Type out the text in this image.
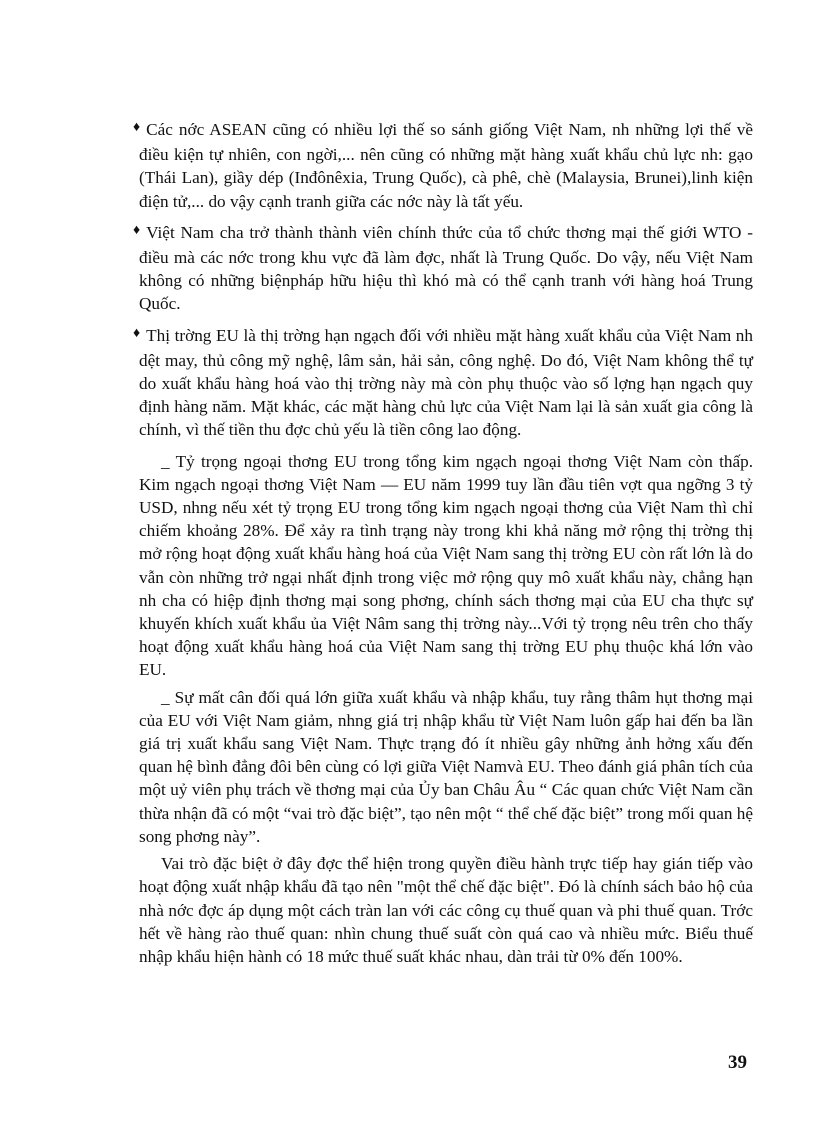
♦ Các nớc ASEAN cũng có nhiều lợi thế so sánh giống Việt Nam, nh những lợi thế về điều kiện tự nhiên, con ngời,... nên cũng có những mặt hàng xuất khẩu chủ lực nh: gạo (Thái Lan), giầy dép (Inđônêxia, Trung Quốc), cà phê, chè (Malaysia, Brunei),linh kiện điện tử,... do vậy cạnh tranh giữa các nớc này là tất yếu.

♦ Việt Nam cha trở thành thành viên chính thức của tổ chức thơng mại thế giới WTO - điều mà các nớc trong khu vực đã làm đợc, nhất là Trung Quốc. Do vậy, nếu Việt Nam không có những biệnpháp hữu hiệu thì khó mà có thể cạnh tranh với hàng hoá Trung Quốc.

♦ Thị trờng EU là thị trờng hạn ngạch đối với nhiều mặt hàng xuất khẩu của Việt Nam nh dệt may, thủ công mỹ nghệ, lâm sản, hải sản, công nghệ. Do đó, Việt Nam không thể tự do xuất khẩu hàng hoá vào thị trờng này mà còn phụ thuộc vào số lợng hạn ngạch quy định hàng năm. Mặt khác, các mặt hàng chủ lực của Việt Nam lại là sản xuất gia công là chính, vì thế tiền thu đợc chủ yếu là tiền công lao động.

_ Tỷ trọng ngoại thơng EU trong tổng kim ngạch ngoại thơng Việt Nam còn thấp. Kim ngạch ngoại thơng Việt Nam — EU năm 1999 tuy lần đầu tiên vợt qua ngỡng 3 tỷ USD, nhng nếu xét tỷ trọng EU trong tổng kim ngạch ngoại thơng của Việt Nam thì chỉ chiếm khoảng 28%. Để xảy ra tình trạng này trong khi khả năng mở rộng thị trờng thị mở rộng hoạt động xuất khẩu hàng hoá của Việt Nam sang thị trờng EU còn rất lớn là do vẫn còn những trở ngại nhất định trong việc mở rộng quy mô xuất khẩu này, chẳng hạn nh cha có hiệp định thơng mại song phơng, chính sách thơng mại của EU cha thực sự khuyến khích xuất khẩu ủa Việt Nâm sang thị trờng này...Với tỷ trọng nêu trên cho thấy hoạt động xuất khẩu hàng hoá của Việt Nam sang thị trờng EU phụ thuộc khá lớn vào EU.

_ Sự mất cân đối quá lớn giữa xuất khẩu và nhập khẩu, tuy rằng thâm hụt thơng mại của EU với Việt Nam giảm, nhng giá trị nhập khẩu từ Việt Nam luôn gấp hai đến ba lần giá trị xuất khẩu sang Việt Nam. Thực trạng đó ít nhiều gây những ảnh hởng xấu đến quan hệ bình đẳng đôi bên cùng có lợi giữa Việt Namvà EU. Theo đánh giá phân tích của một uỷ viên phụ trách về thơng mại của Ủy ban Châu Âu “ Các quan chức Việt Nam cần thừa nhận đã có một “vai trò đặc biệt”, tạo nên một “ thể chế đặc biệt” trong mối quan hệ song phơng này”.

Vai trò đặc biệt ở đây đợc thể hiện trong quyền điều hành trực tiếp hay gián tiếp vào hoạt động xuất nhập khẩu đã tạo nên "một thể chế đặc biệt". Đó là chính sách bảo hộ của nhà nớc đợc áp dụng một cách tràn lan với các công cụ thuế quan và phi thuế quan. Trớc hết về hàng rào thuế quan: nhìn chung thuế suất còn quá cao và nhiều mức. Biểu thuế nhập khẩu hiện hành có 18 mức thuế suất khác nhau, dàn trải từ 0% đến 100%.

39
